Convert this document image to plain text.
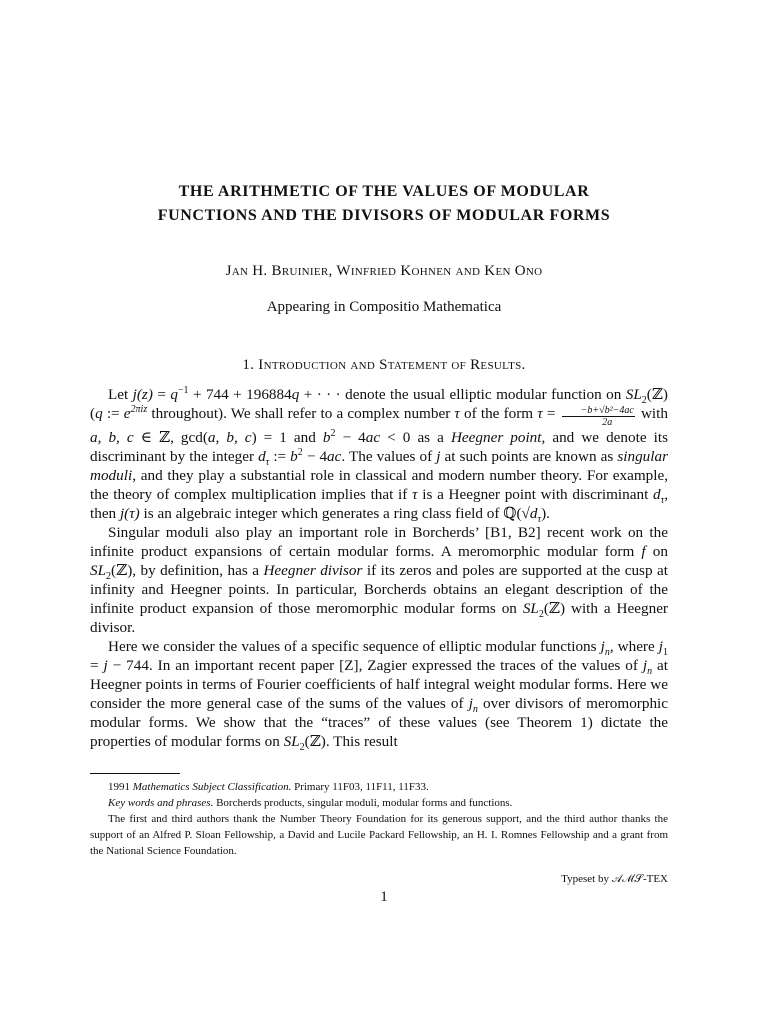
THE ARITHMETIC OF THE VALUES OF MODULAR
FUNCTIONS AND THE DIVISORS OF MODULAR FORMS
Jan H. Bruinier, Winfried Kohnen and Ken Ono
Appearing in Compositio Mathematica
1. Introduction and Statement of Results.

Let $j(z) = q^{-1} + 744 + 196884q$ + · · · denote the usual elliptic modular function on $SL_2(ℤ)$ (q := $e^{2\pi iz}$ throughout). We shall refer to a complex number τ of the form $\tau = \frac{\text{−b+√b²−4ac}}{2a}$ with a, b, c ∈ ℤ, gcd(a, b, c) = 1 and $b^2 - 4ac < 0$ as a Heegner point, and we denote its discriminant by the integer $d_\tau$ := $b^2 - 4ac$. The values of j at such points are known as singular moduli, and they play a substantial role in classical and modern number theory. For example, the theory of complex multiplication implies that if τ is a Heegner point with discriminant $d_\tau$, then j(τ) is an algebraic integer which generates a ring class field of $ℚ(√d_\tau)$.

Singular moduli also play an important role in Borcherds’ [B1, B2] recent work on the infinite product expansions of certain modular forms. A meromorphic modular form f on $SL_2(ℤ)$, by definition, has a Heegner divisor if its zeros and poles are supported at the cusp at infinity and Heegner points. In particular, Borcherds obtains an elegant description of the infinite product expansion of those meromorphic modular forms on $SL_2(ℤ)$ with a Heegner divisor.

Here we consider the values of a specific sequence of elliptic modular functions $j_n$, where $j_1 = j - 744$. In an important recent paper [Z], Zagier expressed the traces of the values of $j_n$ at Heegner points in terms of Fourier coefficients of half integral weight modular forms. Here we consider the more general case of the sums of the values of $j_n$ over divisors of meromorphic modular forms. We show that the “traces” of these values (see Theorem 1) dictate the properties of modular forms on $SL_2(ℤ)$. This result

1991 Mathematics Subject Classification. Primary 11F03, 11F11, 11F33.

Key words and phrases. Borcherds products, singular moduli, modular forms and functions.

The first and third authors thank the Number Theory Foundation for its generous support, and the third author thanks the support of an Alfred P. Sloan Fellowship, a David and Lucile Packard Fellowship, an H. I. Romnes Fellowship and a grant from the National Science Foundation.

Typeset by 𝒜ℳ𝒮-TEX
1
